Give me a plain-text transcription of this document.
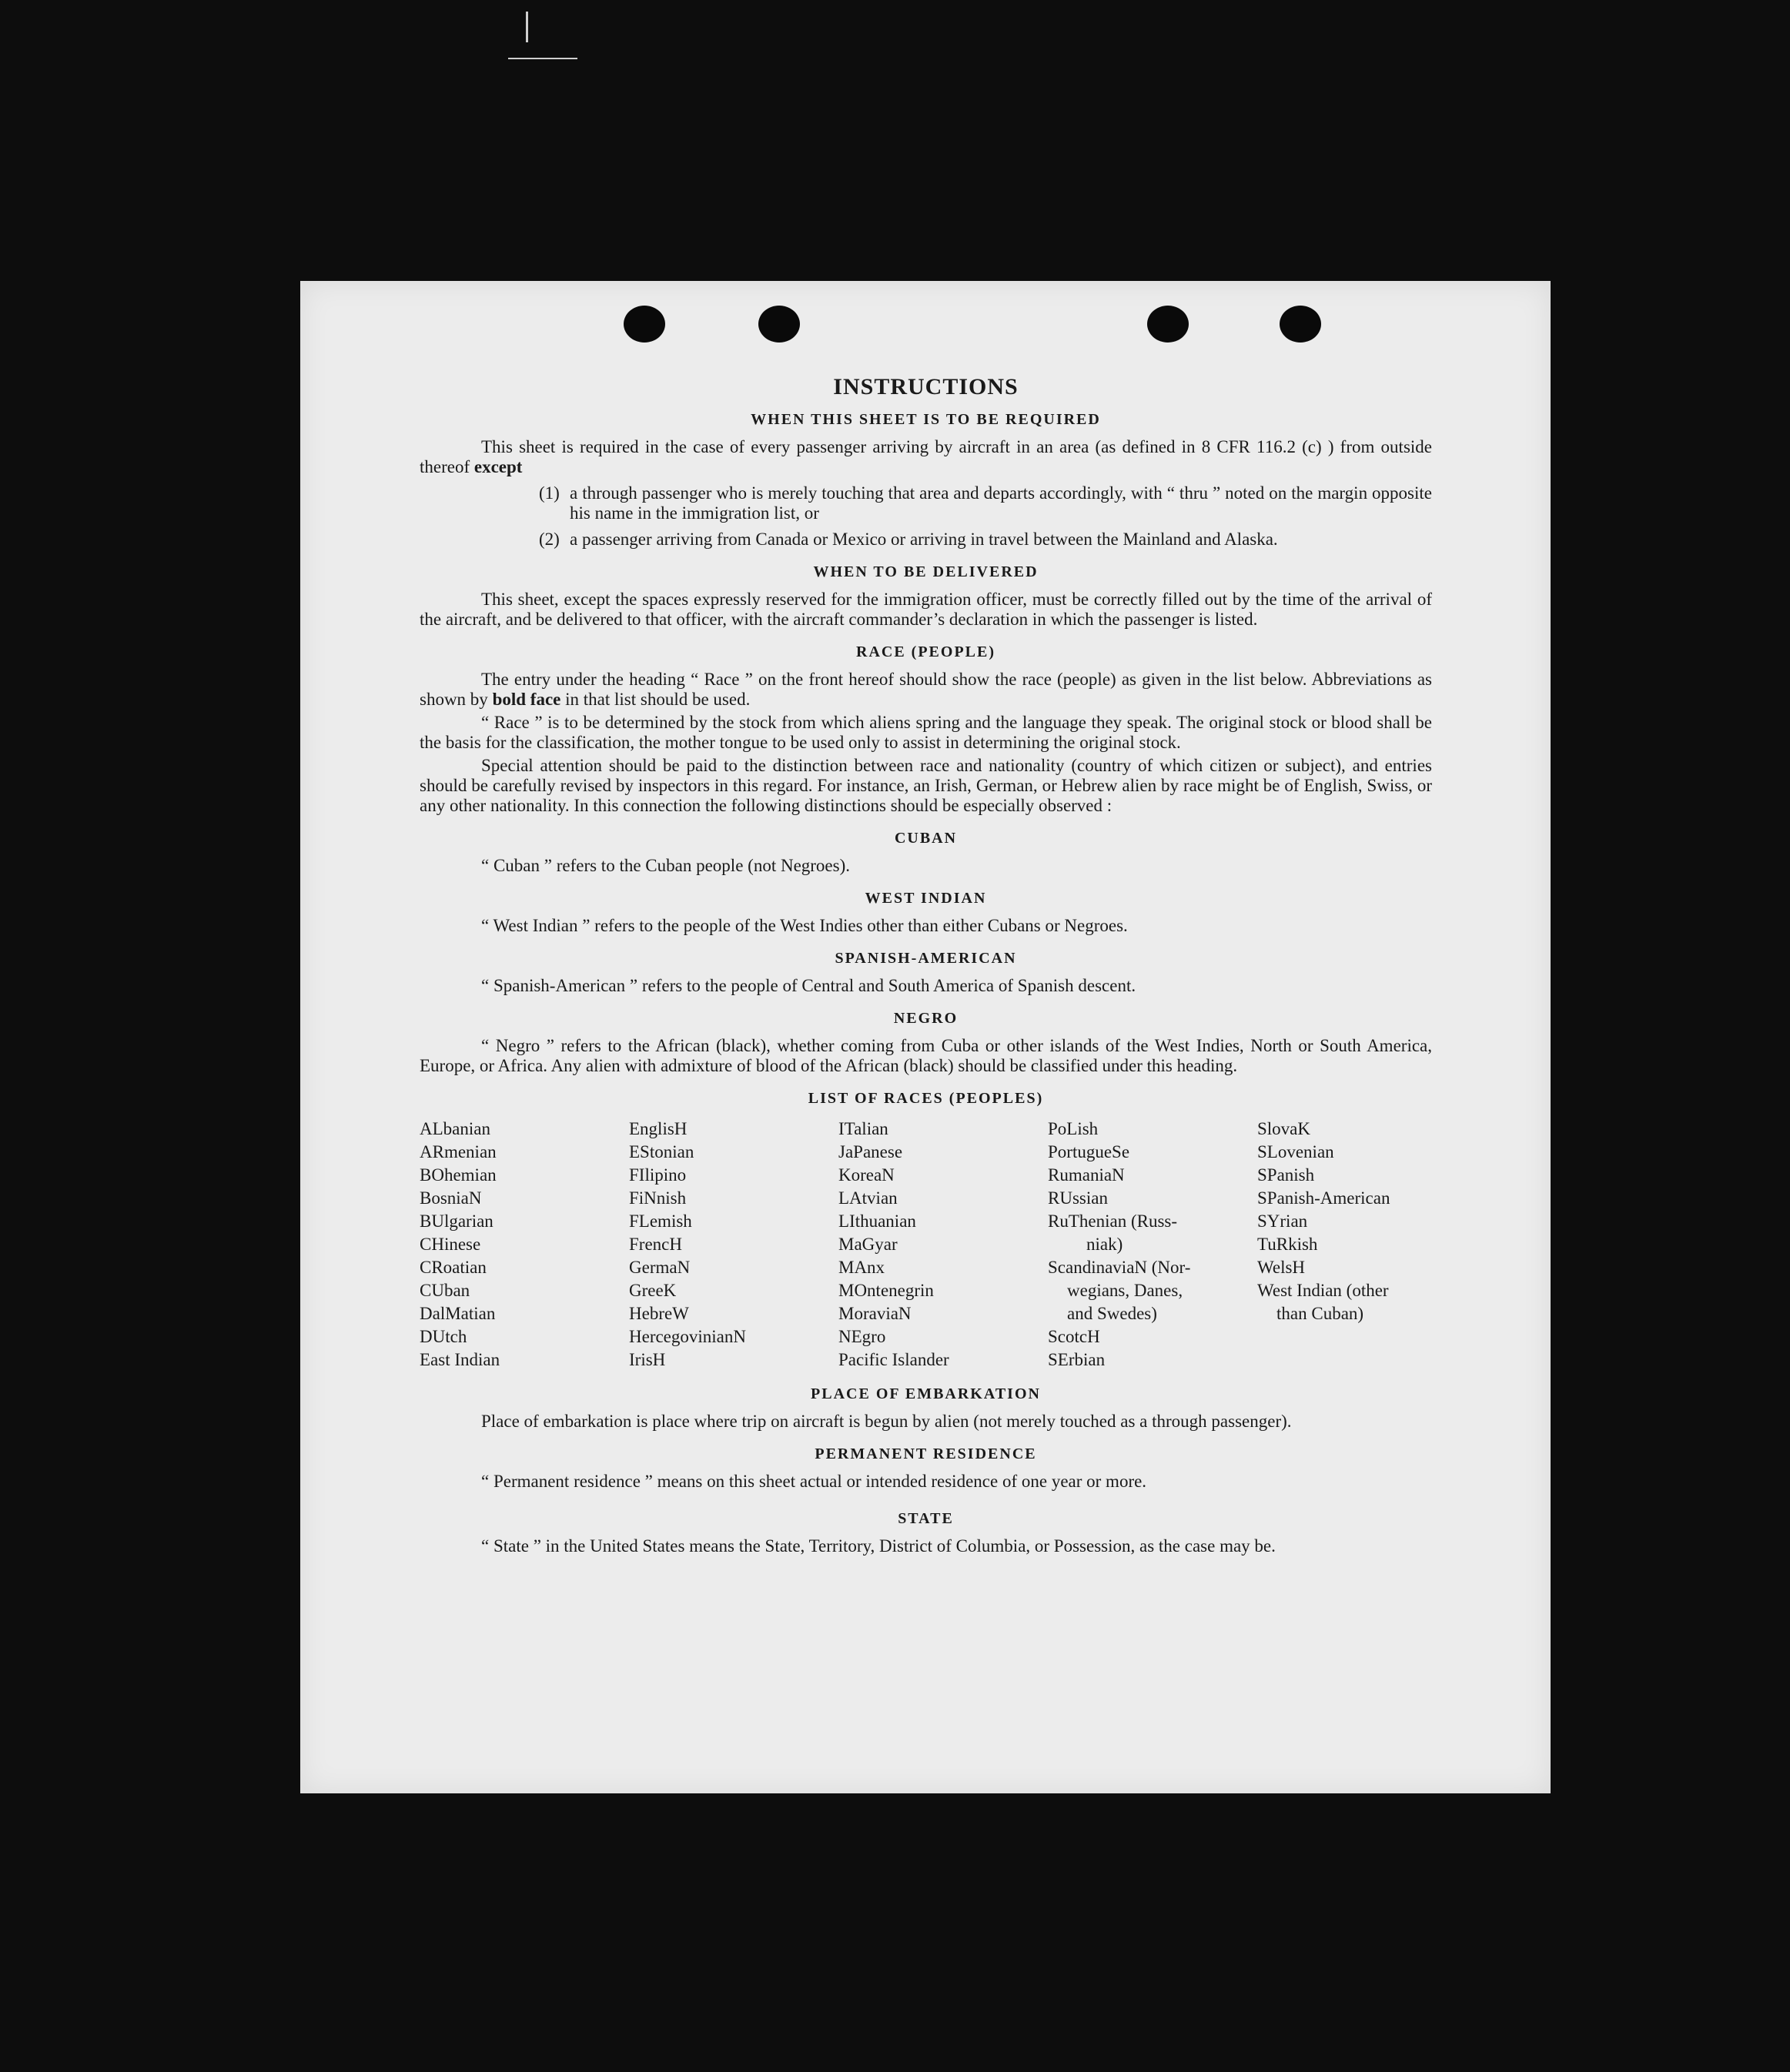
INSTRUCTIONS
WHEN THIS SHEET IS TO BE REQUIRED

This sheet is required in the case of every passenger arriving by aircraft in an area (as defined in 8 CFR 116.2 (c) ) from outside thereof except

(1) a through passenger who is merely touching that area and departs accordingly, with “ thru ” noted on the margin opposite his name in the immigration list, or
(2) a passenger arriving from Canada or Mexico or arriving in travel between the Mainland and Alaska.
WHEN TO BE DELIVERED

This sheet, except the spaces expressly reserved for the immigration officer, must be correctly filled out by the time of the arrival of the aircraft, and be delivered to that officer, with the aircraft commander’s declaration in which the passenger is listed.

RACE (PEOPLE)

The entry under the heading “ Race ” on the front hereof should show the race (people) as given in the list below. Abbreviations as shown by bold face in that list should be used.

“ Race ” is to be determined by the stock from which aliens spring and the language they speak. The original stock or blood shall be the basis for the classification, the mother tongue to be used only to assist in determining the original stock.

Special attention should be paid to the distinction between race and nationality (country of which citizen or subject), and entries should be carefully revised by inspectors in this regard. For instance, an Irish, German, or Hebrew alien by race might be of English, Swiss, or any other nationality. In this connection the following distinctions should be especially observed :

CUBAN

“ Cuban ” refers to the Cuban people (not Negroes).

WEST INDIAN

“ West Indian ” refers to the people of the West Indies other than either Cubans or Negroes.

SPANISH-AMERICAN

“ Spanish-American ” refers to the people of Central and South America of Spanish descent.

NEGRO

“ Negro ” refers to the African (black), whether coming from Cuba or other islands of the West Indies, North or South America, Europe, or Africa. Any alien with admixture of blood of the African (black) should be classified under this heading.

LIST OF RACES (PEOPLES)
ALbanian
ARmenian
BOhemian
BosniaN
BUlgarian
CHinese
CRoatian
CUban
DalMatian
DUtch
East Indian
EnglisH
EStonian
FIlipino
FiNnish
FLemish
FrencH
GermaN
GreeK
HebreW
HercegovinianN
IrisH
ITalian
JaPanese
KoreaN
LAtvian
LIthuanian
MaGyar
MAnx
MOntenegrin
MoraviaN
NEgro
Pacific Islander
PoLish
PortugueSe
RumaniaN
RUssian
RuThenian (Russ-
niak)
ScandinaviaN (Nor-
wegians, Danes,
and Swedes)
ScotcH
SErbian
SlovaK
SLovenian
SPanish
SPanish-American
SYrian
TuRkish
WelsH
West Indian (other
than Cuban)
PLACE OF EMBARKATION

Place of embarkation is place where trip on aircraft is begun by alien (not merely touched as a through passenger).

PERMANENT RESIDENCE

“ Permanent residence ” means on this sheet actual or intended residence of one year or more.

STATE

“ State ” in the United States means the State, Territory, District of Columbia, or Possession, as the case may be.
